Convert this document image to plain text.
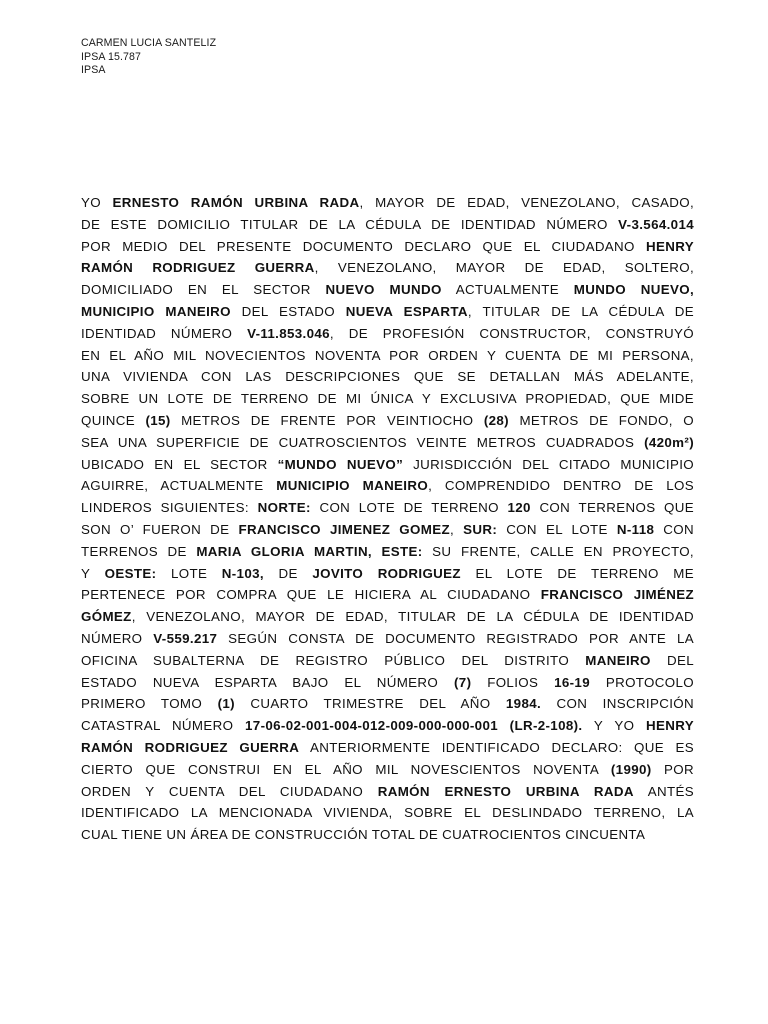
CARMEN LUCIA SANTELIZ
IPSA 15.787
IPSA
YO ERNESTO RAMÓN URBINA RADA, MAYOR DE EDAD, VENEZOLANO, CASADO,
DE ESTE DOMICILIO TITULAR DE LA CÉDULA DE IDENTIDAD NÚMERO V-3.564.014
POR MEDIO DEL PRESENTE DOCUMENTO DECLARO QUE EL CIUDADANO HENRY
RAMÓN RODRIGUEZ GUERRA, VENEZOLANO, MAYOR DE EDAD, SOLTERO,
DOMICILIADO EN EL SECTOR NUEVO MUNDO ACTUALMENTE MUNDO NUEVO,
MUNICIPIO MANEIRO DEL ESTADO NUEVA ESPARTA, TITULAR DE LA CÉDULA DE
IDENTIDAD NÚMERO V-11.853.046, DE PROFESIÓN CONSTRUCTOR, CONSTRUYÓ
EN EL AÑO MIL NOVECIENTOS NOVENTA POR ORDEN Y CUENTA DE MI PERSONA,
UNA VIVIENDA CON LAS DESCRIPCIONES QUE SE DETALLAN MÁS ADELANTE,
SOBRE UN LOTE DE TERRENO DE MI ÚNICA Y EXCLUSIVA PROPIEDAD, QUE MIDE
QUINCE (15) METROS DE FRENTE POR VEINTIOCHO (28) METROS DE FONDO, O
SEA UNA SUPERFICIE DE CUATROSCIENTOS VEINTE METROS CUADRADOS (420m²)
UBICADO EN EL SECTOR “MUNDO NUEVO” JURISDICCIÓN DEL CITADO MUNICIPIO
AGUIRRE, ACTUALMENTE MUNICIPIO MANEIRO, COMPRENDIDO DENTRO DE LOS
LINDEROS SIGUIENTES: NORTE: CON LOTE DE TERRENO 120 CON TERRENOS QUE
SON O’ FUERON DE FRANCISCO JIMENEZ GOMEZ, SUR: CON EL LOTE N-118 CON
TERRENOS DE MARIA GLORIA MARTIN, ESTE: SU FRENTE, CALLE EN PROYECTO,
Y OESTE: LOTE N-103, DE JOVITO RODRIGUEZ EL LOTE DE TERRENO ME
PERTENECE POR COMPRA QUE LE HICIERA AL CIUDADANO FRANCISCO JIMÉNEZ
GÓMEZ, VENEZOLANO, MAYOR DE EDAD, TITULAR DE LA CÉDULA DE IDENTIDAD
NÚMERO V-559.217 SEGÚN CONSTA DE DOCUMENTO REGISTRADO POR ANTE LA
OFICINA SUBALTERNA DE REGISTRO PÚBLICO DEL DISTRITO MANEIRO DEL
ESTADO NUEVA ESPARTA BAJO EL NÚMERO (7) FOLIOS 16-19 PROTOCOLO
PRIMERO TOMO (1) CUARTO TRIMESTRE DEL AÑO 1984. CON INSCRIPCIÓN
CATASTRAL NÚMERO 17-06-02-001-004-012-009-000-000-001 (LR-2-108). Y YO HENRY
RAMÓN RODRIGUEZ GUERRA ANTERIORMENTE IDENTIFICADO DECLARO: QUE ES
CIERTO QUE CONSTRUI EN EL AÑO MIL NOVESCIENTOS NOVENTA (1990) POR
ORDEN Y CUENTA DEL CIUDADANO RAMÓN ERNESTO URBINA RADA ANTÉS
IDENTIFICADO LA MENCIONADA VIVIENDA, SOBRE EL DESLINDADO TERRENO, LA
CUAL TIENE UN ÁREA DE CONSTRUCCIÓN TOTAL DE CUATROCIENTOS CINCUENTA
